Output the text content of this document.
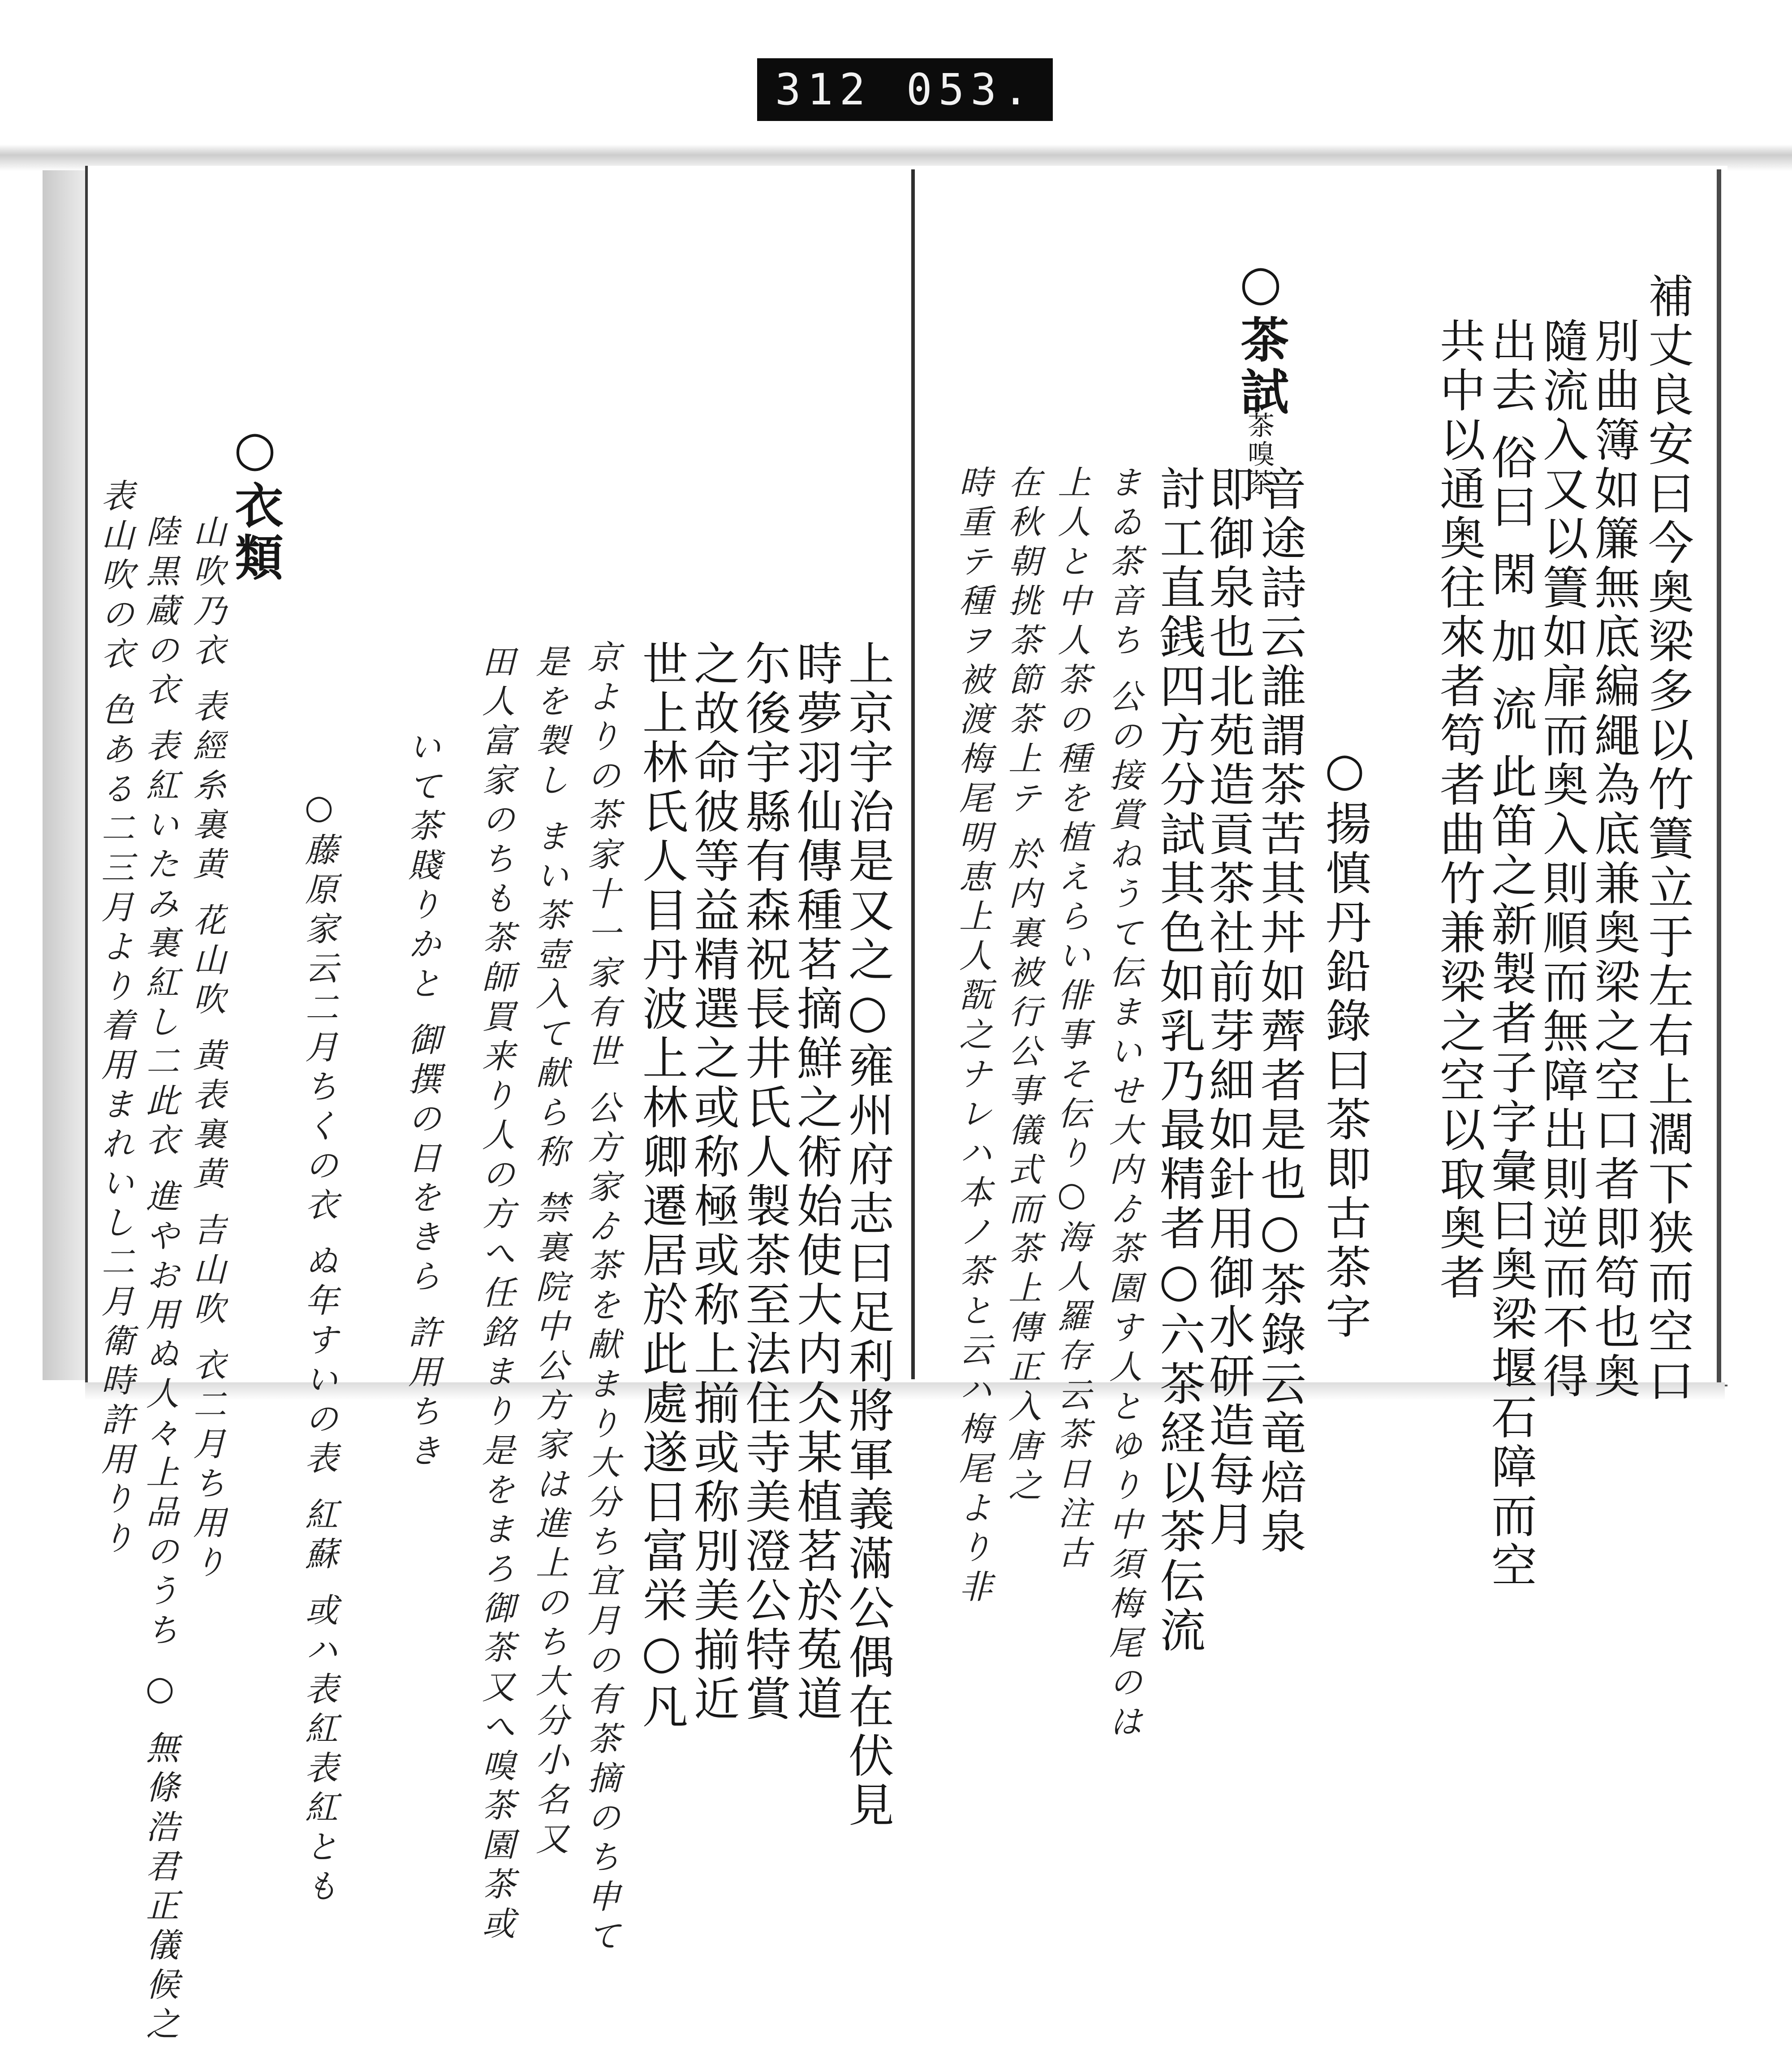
312 053.
補丈良安曰今奥梁多以竹簀立于左右上濶下狭而空口
別曲簿如簾無底編繩為底兼奥梁之空口者即笱也奥
隨流入又以簀如扉而奥入則順而無障出則逆而不得
出去 俗曰 閑 加 流 此笛之新製者子字彙曰奥梁堰石障而空
共中以通奥往來者笱者曲竹兼梁之空以取奥者
○揚慎丹鉛錄曰茶即古茶字
○茶試
茶嗅茶
音途詩云誰謂茶苦其丼如薺者是也○茶錄云竜焙泉
即御泉也北苑造貢茶社前芽細如針用御水研造每月
討工直銭四方分試其色如乳乃最精者○六茶経以茶伝流
まゐ茶音ち 公の接賞ねうて伝まいせ大内ゟ茶園す人とゆり中須梅尾のは
上人と中人茶の種を植えらい俳事そ伝り○海人羅存云茶日注古
在秋朝挑茶節茶上テ 於内裏被行公事儀式而茶上傳正入唐之
時重テ種ヲ被渡梅尾明恵上人翫之ナレハ本ノ茶と云ハ梅尾より非
上京宇治是又之○雍州府志曰足利將軍義滿公偶在伏見
時夢羽仙傳種茗摘鮮之術始使大内仌某植茗於菟道
尓後宇縣有森祝長井氏人製茶至法住寺美澄公特賞
之故命彼等益精選之或称極或称上揃或称別美揃近
世上林氏人目丹波上林卿遷居於此處遂日富栄○凡
京よりの茶家十一家有世 公方家ゟ茶を献まり大分ち宜月の有茶摘のち申て
是を製し まい茶壺入て献ら称 禁裏院中公方家は進上のち大分小名又
田人富家のちも茶師買来り人の方へ任銘まり是をまろ御茶又へ嗅茶園茶或
いて茶賤りかと 御撰の日をきら 許用ちき
○藤原家云二月ちくの衣 ぬ年すいの表 紅蘇 或ハ表紅表紅とも
○衣類
山吹乃衣 表經糸裏黄 花山吹 黄表裏黄 吉山吹 衣二月ち用り
陸黒蔵の衣 表紅いたみ裏紅し二此衣 進やお用ぬ人々上品のうち ○ 無條浩君正儀候之
表山吹の衣 色ある二三月より着用まれいし二月衛時許用りり
